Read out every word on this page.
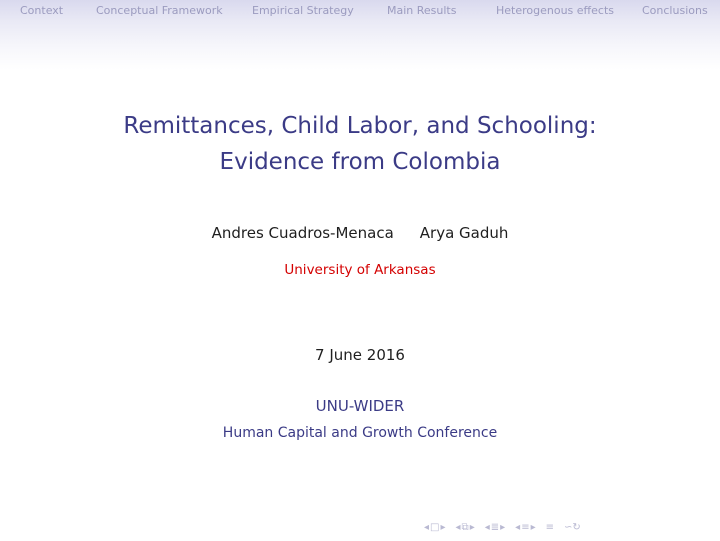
Context	Conceptual Framework	Empirical Strategy	Main Results	Heterogenous effects	Conclusions
Remittances, Child Labor, and Schooling:
Evidence from Colombia
Andres Cuadros-Menaca Arya Gaduh
University of Arkansas
7 June 2016
UNU-WIDER
Human Capital and Growth Conference
◂ □ ▸ ◂ ⧉ ▸ ◂ ≣ ▸ ◂ ≡ ▸ ≡ ∽↻
